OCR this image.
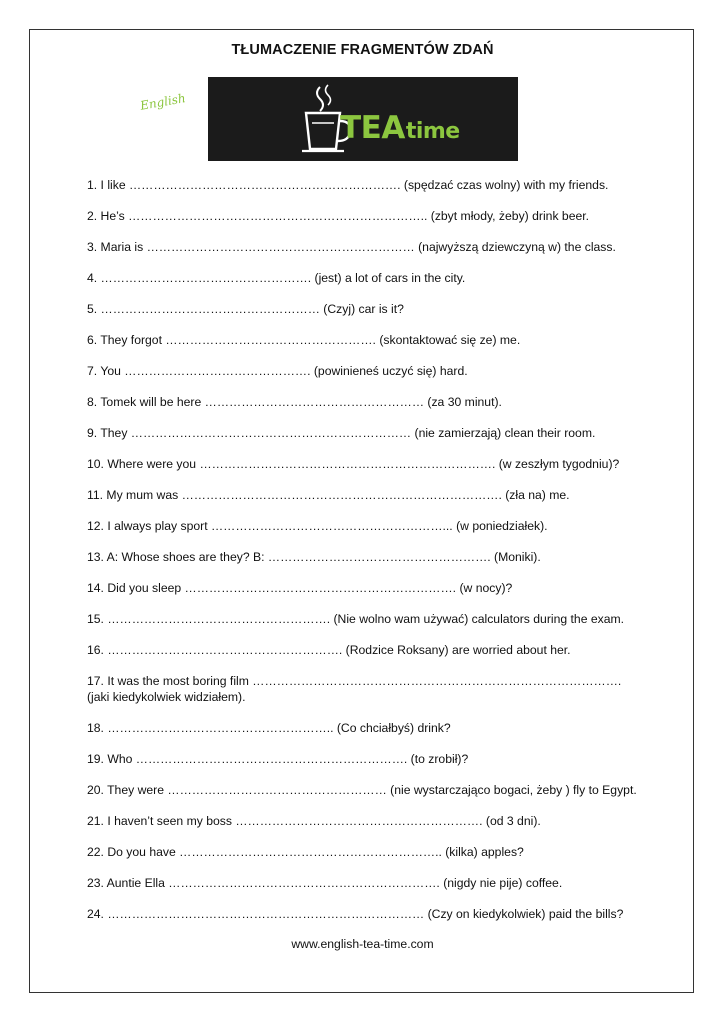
TŁUMACZENIE FRAGMENTÓW ZDAŃ
English
TEAtime
1. I like …………………………………………………………. (spędzać czas wolny) with my friends.
2. He’s ……………………………………………………………….. (zbyt młody, żeby) drink beer.
3. Maria is ………………………………………………………… (najwyższą dziewczyną w) the class.
4. ……………………………………………. (jest) a lot of cars in the city.
5. ……………………………………………… (Czyj) car is it?
6. They forgot ……………………………………………. (skontaktować się ze) me.
7. You ………………………………………. (powinieneś uczyć się) hard.
8. Tomek will be here ……………………………………………… (za 30 minut).
9. They …………………………………………………………… (nie zamierzają) clean their room.
10. Where were you ………………………………………………………………. (w zeszłym tygodniu)?
11. My mum was ……………………………………………………………………. (zła na) me.
12. I always play sport …………………………………………………... (w poniedziałek).
13. A: Whose shoes are they? B: ………………………………………………. (Moniki).
14. Did you sleep …………………………………………………………. (w nocy)?
15. ………………………………………………. (Nie wolno wam używać) calculators during the exam.
16. …………………………………………………. (Rodzice Roksany) are worried about her.
17. It was the most boring film ………………………………………………………………………………. (jaki kiedykolwiek widziałem).
18. ……………………………………………….. (Co chciałbyś) drink?
19. Who …………………………………………………………. (to zrobił)?
20. They were ……………………………………………… (nie wystarczająco bogaci, żeby ) fly to Egypt.
21. I haven’t seen my boss ……………………………………………………. (od 3 dni).
22. Do you have ……………………………………………………….. (kilka) apples?
23. Auntie Ella …………………………………………………………. (nigdy nie pije) coffee.
24. …………………………………………………………………… (Czy on kiedykolwiek) paid the bills?
www.english-tea-time.com
